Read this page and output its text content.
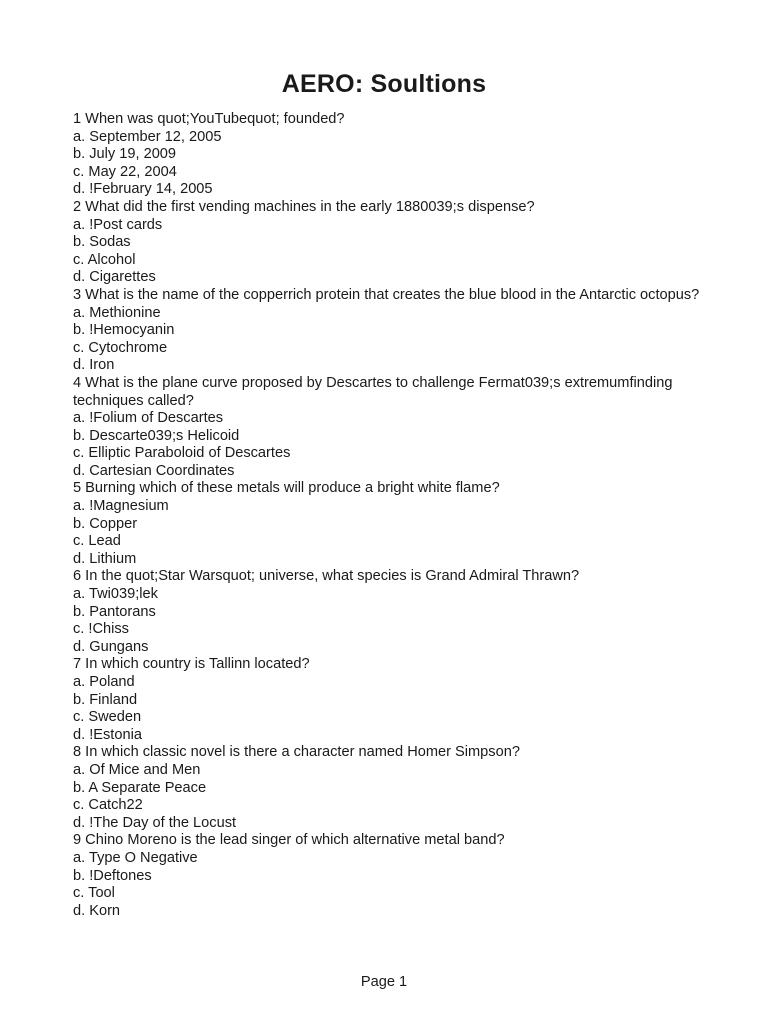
AERO: Soultions
1 When was quot;YouTubequot; founded?
a. September 12, 2005
b. July 19, 2009
c. May 22, 2004
d. !February 14, 2005
2 What did the first vending machines in the early 1880039;s dispense?
a. !Post cards
b. Sodas
c. Alcohol
d. Cigarettes
3 What is the name of the copperrich protein that creates the blue blood in the Antarctic octopus?
a. Methionine
b. !Hemocyanin
c. Cytochrome
d. Iron
4 What is the plane curve proposed by Descartes to challenge Fermat039;s extremumfinding techniques called?
a. !Folium of Descartes
b. Descarte039;s Helicoid
c. Elliptic Paraboloid of Descartes
d. Cartesian Coordinates
5 Burning which of these metals will produce a bright white flame?
a. !Magnesium
b. Copper
c. Lead
d. Lithium
6 In the quot;Star Warsquot; universe, what species is Grand Admiral Thrawn?
a. Twi039;lek
b. Pantorans
c. !Chiss
d. Gungans
7 In which country is Tallinn located?
a. Poland
b. Finland
c. Sweden
d. !Estonia
8 In which classic novel is there a character named Homer Simpson?
a. Of Mice and Men
b. A Separate Peace
c. Catch22
d. !The Day of the Locust
9 Chino Moreno is the lead singer of which alternative metal band?
a. Type O Negative
b. !Deftones
c. Tool
d. Korn
Page 1
